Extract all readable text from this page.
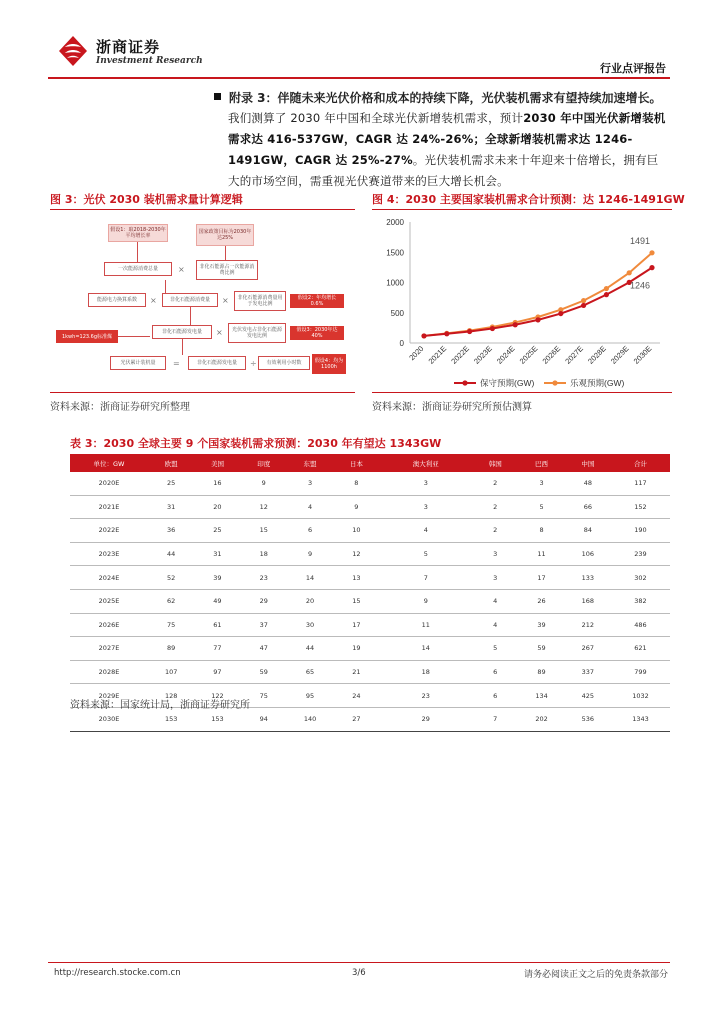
浙商证券
Investment Research
行业点评报告
附录 3：伴随未来光伏价格和成本的持续下降，光伏装机需求有望持续加速增长。
我们测算了 2030 年中国和全球光伏新增装机需求，预计2030 年中国光伏新增装机需求达 416-537GW，CAGR 达 24%-26%；全球新增装机需求达 1246-1491GW，CAGR 达 25%-27%。光伏装机需求未来十年迎来十倍增长，拥有巨大的市场空间，需重视光伏赛道带来的巨大增长机会。
图 3：光伏 2030 装机需求量计算逻辑
假设1：取2018-2030年平均增长率
国家政策目标为2030年达25%
一次能源消费总量	×	非化石能源占一次能源消费比例
能源电力换算系数	×	非化石能源消费量	×	非化石能源消费量用于发电比例
假设2：年均增长0.6%
1kwh=123.6g标准煤
非化石能源发电量	×	光伏发电占非化石能源发电比例
假设3：2030年达40%
光伏累计装机量	=	非化石能源发电量	÷	有效利用小时数	假设4：均为1100h
资料来源：浙商证券研究所整理
图 4：2030 主要国家装机需求合计预测：达 1246-1491GW
0
500
1000
1500
2000
2020 2021E 2022E 2023E 2024E 2025E 2026E 2027E 2028E 2029E 2030E
1491
1246
保守预期(GW)	乐观预期(GW)
资料来源：浙商证券研究所预估测算
表 3：2030 全球主要 9 个国家装机需求预测：2030 年有望达 1343GW
单位：GW	欧盟	美国	印度	东盟	日本	澳大利亚	韩国	巴西	中国	合计
2020E	25	16	9	3	8	3	2	3	48	117
2021E	31	20	12	4	9	3	2	5	66	152
2022E	36	25	15	6	10	4	2	8	84	190
2023E	44	31	18	9	12	5	3	11	106	239
2024E	52	39	23	14	13	7	3	17	133	302
2025E	62	49	29	20	15	9	4	26	168	382
2026E	75	61	37	30	17	11	4	39	212	486
2027E	89	77	47	44	19	14	5	59	267	621
2028E	107	97	59	65	21	18	6	89	337	799
2029E	128	122	75	95	24	23	6	134	425	1032
2030E	153	153	94	140	27	29	7	202	536	1343
资料来源：国家统计局，浙商证券研究所
http://research.stocke.com.cn	3/6	请务必阅读正文之后的免责条款部分
